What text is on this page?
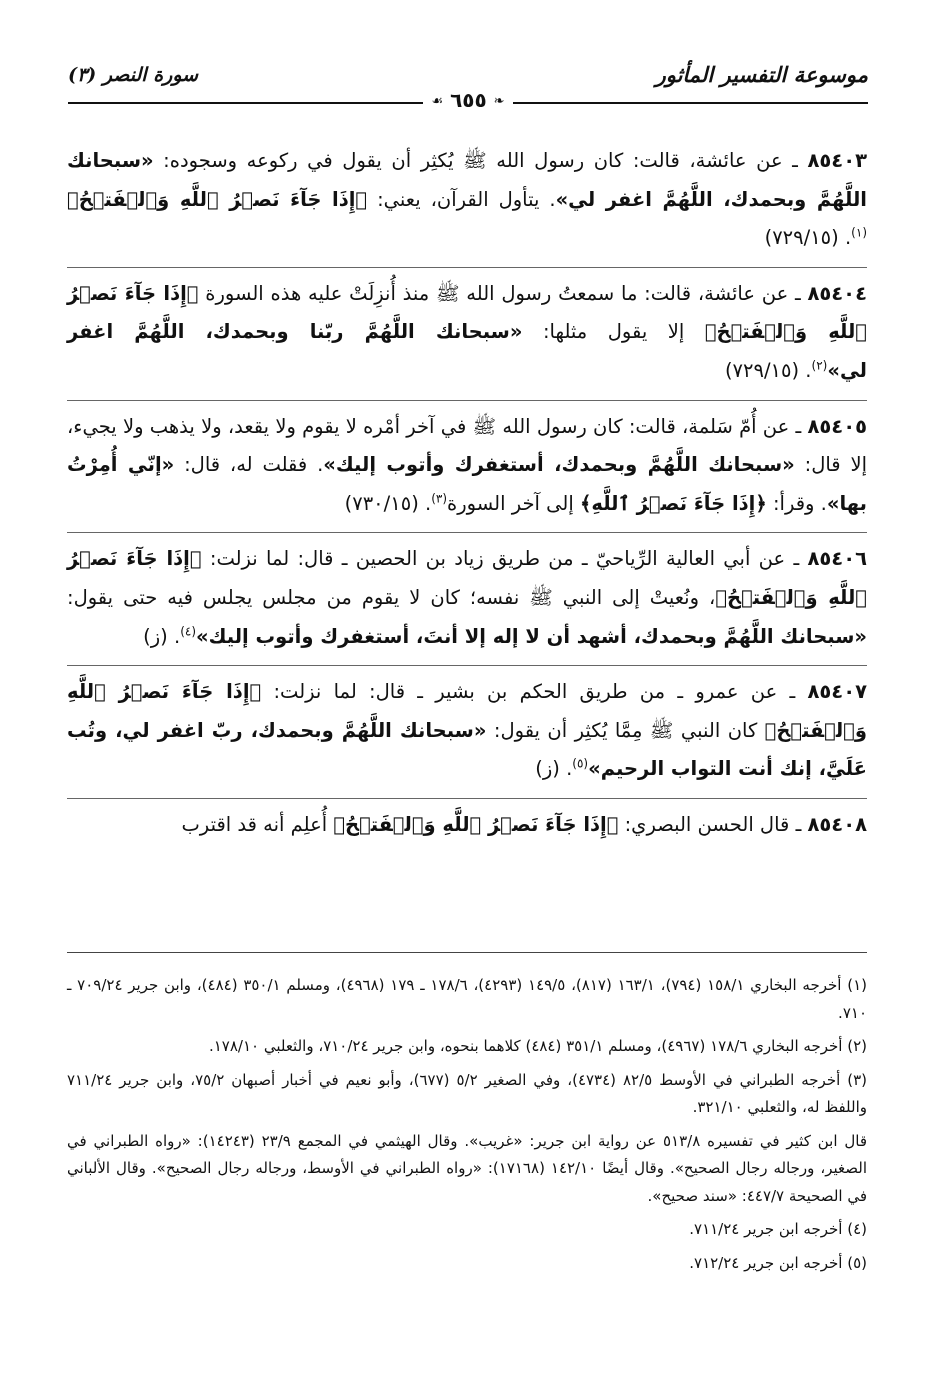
موسوعة التفسير المأثور
سورة النصر (٣)
❧ ٦٥٥ ☙
٨٥٤٠٣ ـ عن عائشة، قالت: كان رسول الله ﷺ يُكثِر أن يقول في ركوعه وسجوده: «سبحانك اللَّهُمَّ وبحمدك، اللَّهُمَّ اغفر لي». يتأول القرآن، يعني: ﴿إِذَا جَآءَ نَصۡرُ ٱللَّهِ وَٱلۡفَتۡحُ﴾$^{(١)}$. (٧٢٩/١٥)
٨٥٤٠٤ ـ عن عائشة، قالت: ما سمعتُ رسول الله ﷺ منذ أُنزِلَتْ عليه هذه السورة ﴿إِذَا جَآءَ نَصۡرُ ٱللَّهِ وَٱلۡفَتۡحُ﴾ إلا يقول مثلها: «سبحانك اللَّهُمَّ ربّنا وبحمدك، اللَّهُمَّ اغفر لي»$^{(٢)}$. (٧٢٩/١٥)
٨٥٤٠٥ ـ عن أُمّ سَلمة، قالت: كان رسول الله ﷺ في آخر أمْره لا يقوم ولا يقعد، ولا يذهب ولا يجيء، إلا قال: «سبحانك اللَّهُمَّ وبحمدك، أستغفرك وأتوب إليك». فقلت له، قال: «إنّي أُمِرْتُ بها». وقرأ: ﴿إِذَا جَآءَ نَصۡرُ ٱللَّهِ﴾ إلى آخر السورة$^{(٣)}$. (٧٣٠/١٥)
٨٥٤٠٦ ـ عن أبي العالية الرِّياحيّ ـ من طريق زياد بن الحصين ـ قال: لما نزلت: ﴿إِذَا جَآءَ نَصۡرُ ٱللَّهِ وَٱلۡفَتۡحُ﴾، ونُعيتْ إلى النبي ﷺ نفسه؛ كان لا يقوم من مجلس يجلس فيه حتى يقول: «سبحانك اللَّهُمَّ وبحمدك، أشهد أن لا إله إلا أنتَ، أستغفرك وأتوب إليك»$^{(٤)}$. (ز)
٨٥٤٠٧ ـ عن عمرو ـ من طريق الحكم بن بشير ـ قال: لما نزلت: ﴿إِذَا جَآءَ نَصۡرُ ٱللَّهِ وَٱلۡفَتۡحُ﴾ كان النبي ﷺ مِمَّا يُكثِر أن يقول: «سبحانك اللَّهُمَّ وبحمدك، ربّ اغفر لي، وتُب عَلَيَّ، إنك أنت التواب الرحيم»$^{(٥)}$. (ز)
٨٥٤٠٨ ـ قال الحسن البصري: ﴿إِذَا جَآءَ نَصۡرُ ٱللَّهِ وَٱلۡفَتۡحُ﴾ أُعلِم أنه قد اقترب

(١) أخرجه البخاري ١٥٨/١ (٧٩٤)، ١٦٣/١ (٨١٧)، ١٤٩/٥ (٤٢٩٣)، ١٧٨/٦ ـ ١٧٩ (٤٩٦٨)، ومسلم ٣٥٠/١ (٤٨٤)، وابن جرير ٧٠٩/٢٤ ـ ٧١٠.

(٢) أخرجه البخاري ١٧٨/٦ (٤٩٦٧)، ومسلم ٣٥١/١ (٤٨٤) كلاهما بنحوه، وابن جرير ٧١٠/٢٤، والثعلبي ١٧٨/١٠.

(٣) أخرجه الطبراني في الأوسط ٨٢/٥ (٤٧٣٤)، وفي الصغير ٥/٢ (٦٧٧)، وأبو نعيم في أخبار أصبهان ٧٥/٢، وابن جرير ٧١١/٢٤ واللفظ له، والثعلبي ٣٢١/١٠.

قال ابن كثير في تفسيره ٥١٣/٨ عن رواية ابن جرير: «غريب». وقال الهيثمي في المجمع ٢٣/٩ (١٤٢٤٣): «رواه الطبراني في الصغير، ورجاله رجال الصحيح». وقال أيضًا ١٤٢/١٠ (١٧١٦٨): «رواه الطبراني في الأوسط، ورجاله رجال الصحيح». وقال الألباني في الصحيحة ٤٤٧/٧: «سند صحيح».

(٤) أخرجه ابن جرير ٧١١/٢٤.

(٥) أخرجه ابن جرير ٧١٢/٢٤.
